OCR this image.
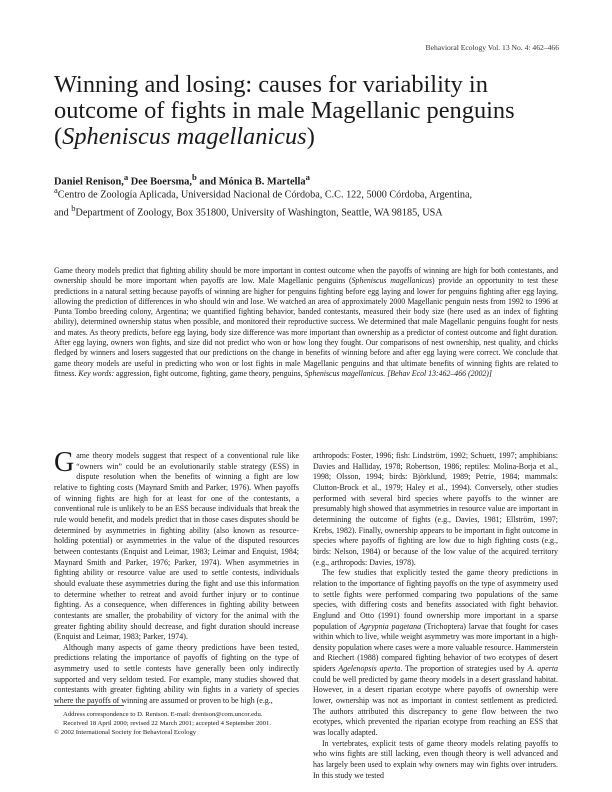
Behavioral Ecology Vol. 13 No. 4: 462–466
Winning and losing: causes for variability in outcome of fights in male Magellanic penguins (Spheniscus magellanicus)
Daniel Renison,$^a$ Dee Boersma,$^b$ and Mónica B. Martella$^a$
$^a$Centro de Zoología Aplicada, Universidad Nacional de Córdoba, C.C. 122, 5000 Córdoba, Argentina,
and $^b$Department of Zoology, Box 351800, University of Washington, Seattle, WA 98185, USA

Game theory models predict that fighting ability should be more important in contest outcome when the payoffs of winning are high for both contestants, and ownership should be more important when payoffs are low. Male Magellanic penguins (Spheniscus magellanicus) provide an opportunity to test these predictions in a natural setting because payoffs of winning are higher for penguins fighting before egg laying and lower for penguins fighting after egg laying, allowing the prediction of differences in who should win and lose. We watched an area of approximately 2000 Magellanic penguin nests from 1992 to 1996 at Punta Tombo breeding colony, Argentina; we quantified fighting behavior, banded contestants, measured their body size (here used as an index of fighting ability), determined ownership status when possible, and monitored their reproductive success. We determined that male Magellanic penguins fought for nests and mates. As theory predicts, before egg laying, body size difference was more important than ownership as a predictor of contest outcome and fight duration. After egg laying, owners won fights, and size did not predict who won or how long they fought. Our comparisons of nest ownership, nest quality, and chicks fledged by winners and losers suggested that our predictions on the change in benefits of winning before and after egg laying were correct. We conclude that game theory models are useful in predicting who won or lost fights in male Magellanic penguins and that ultimate benefits of winning fights are related to fitness. Key words: aggression, fight outcome, fighting, game theory, penguins, Spheniscus magellanicus. [Behav Ecol 13:462–466 (2002)]

Game theory models suggest that respect of a conventional rule like “owners win” could be an evolutionarily stable strategy (ESS) in dispute resolution when the benefits of winning a fight are low relative to fighting costs (Maynard Smith and Parker, 1976). When payoffs of winning fights are high for at least for one of the contestants, a conventional rule is unlikely to be an ESS because individuals that break the rule would benefit, and models predict that in those cases disputes should be determined by asymmetries in fighting ability (also known as resource-holding potential) or asymmetries in the value of the disputed resources between contestants (Enquist and Leimar, 1983; Leimar and Enquist, 1984; Maynard Smith and Parker, 1976; Parker, 1974). When asymmetries in fighting ability or resource value are used to settle contests, individuals should evaluate these asymmetries during the fight and use this information to determine whether to retreat and avoid further injury or to continue fighting. As a consequence, when differences in fighting ability between contestants are smaller, the probability of victory for the animal with the greater fighting ability should decrease, and fight duration should increase (Enquist and Leimar, 1983; Parker, 1974).

Although many aspects of game theory predictions have been tested, predictions relating the importance of payoffs of fighting on the type of asymmetry used to settle contests have generally been only indirectly supported and very seldom tested. For example, many studies showed that contestants with greater fighting ability win fights in a variety of species where the payoffs of winning are assumed or proven to be high (e.g.,

arthropods: Foster, 1996; fish: Lindström, 1992; Schuett, 1997; amphibians: Davies and Halliday, 1978; Robertson, 1986; reptiles: Molina-Borja et al., 1998; Olsson, 1994; birds: Björklund, 1989; Petrie, 1984; mammals: Clutton-Brock et al., 1979; Haley et al., 1994). Conversely, other studies performed with several bird species where payoffs to the winner are presumably high showed that asymmetries in resource value are important in determining the outcome of fights (e.g., Davies, 1981; Ellström, 1997; Krebs, 1982). Finally, ownership appears to be important in fight outcome in species where payoffs of fighting are low due to high fighting costs (e.g., birds: Nelson, 1984) or because of the low value of the acquired territory (e.g., arthropods: Davies, 1978).

The few studies that explicitly tested the game theory predictions in relation to the importance of fighting payoffs on the type of asymmetry used to settle fights were performed comparing two populations of the same species, with differing costs and benefits associated with fight behavior. Englund and Otto (1991) found ownership more important in a sparse population of Agrypnia pagetana (Trichoptera) larvae that fought for cases within which to live, while weight asymmetry was more important in a high-density population where cases were a more valuable resource. Hammerstein and Riechert (1988) compared fighting behavior of two ecotypes of desert spiders Agelenopsis aperta. The proportion of strategies used by A. aperta could be well predicted by game theory models in a desert grassland habitat. However, in a desert riparian ecotype where payoffs of ownership were lower, ownership was not as important in contest settlement as predicted. The authors attributed this discrepancy to gene flow between the two ecotypes, which prevented the riparian ecotype from reaching an ESS that was locally adapted.

In vertebrates, explicit tests of game theory models relating payoffs to who wins fights are still lacking, even though theory is well advanced and has largely been used to explain why owners may win fights over intruders. In this study we tested

Address correspondence to D. Renison. E-mail: drenison@com.uncor.edu.

Received 18 April 2000; revised 22 March 2001; accepted 4 September 2001.

© 2002 International Society for Behavioral Ecology
